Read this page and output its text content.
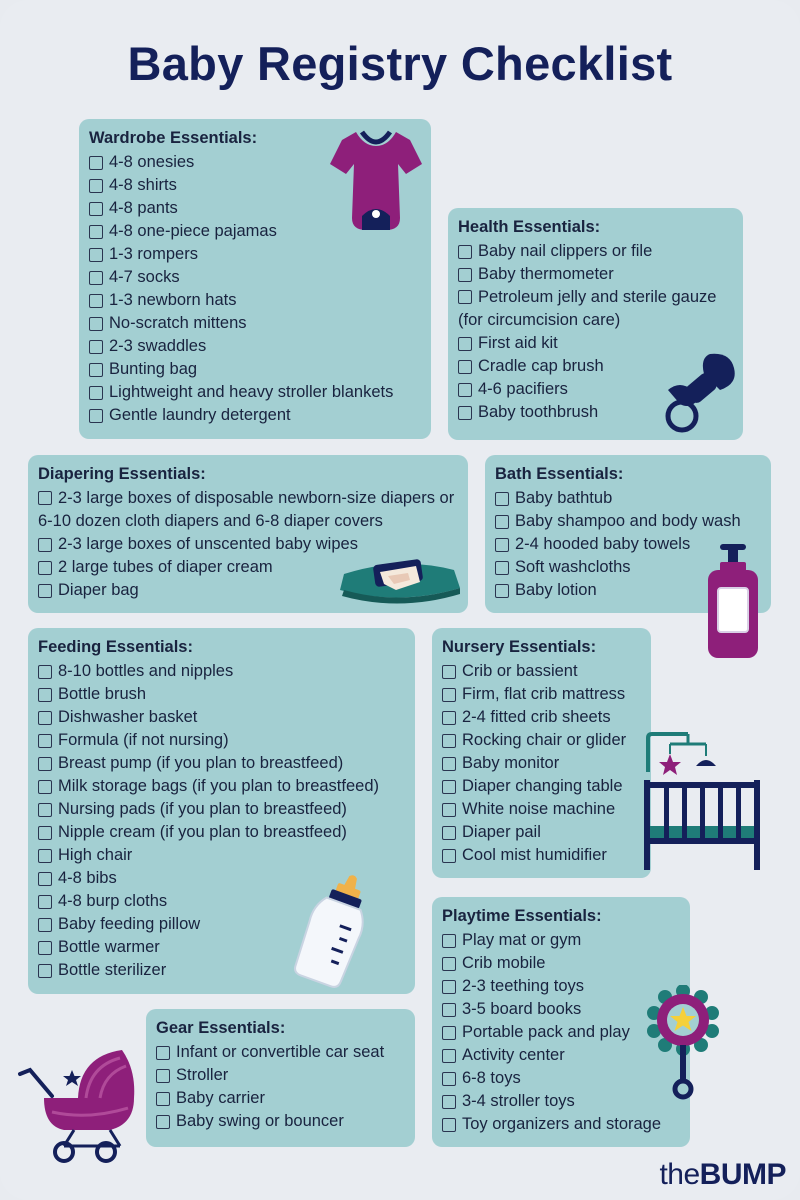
Baby Registry Checklist
Wardrobe Essentials:
4-8 onesies
4-8 shirts
4-8 pants
4-8 one-piece pajamas
1-3 rompers
4-7 socks
1-3 newborn hats
No-scratch mittens
2-3 swaddles
Bunting bag
Lightweight and heavy stroller blankets
Gentle laundry detergent
Health Essentials:
Baby nail clippers or file
Baby thermometer
Petroleum jelly and sterile gauze (for circumcision care)
First aid kit
Cradle cap brush
4-6 pacifiers
Baby toothbrush
Diapering Essentials:
2-3 large boxes of disposable newborn-size diapers or 6-10 dozen cloth diapers and 6-8 diaper covers
2-3 large boxes of unscented baby wipes
2 large tubes of diaper cream
Diaper bag
Bath Essentials:
Baby bathtub
Baby shampoo and body wash
2-4 hooded baby towels
Soft washcloths
Baby lotion
Feeding Essentials:
8-10 bottles and nipples
Bottle brush
Dishwasher basket
Formula (if not nursing)
Breast pump (if you plan to breastfeed)
Milk storage bags (if you plan to breastfeed)
Nursing pads (if you plan to breastfeed)
Nipple cream (if you plan to breastfeed)
High chair
4-8 bibs
4-8 burp cloths
Baby feeding pillow
Bottle warmer
Bottle sterilizer
Nursery Essentials:
Crib or bassient
Firm, flat crib mattress
2-4 fitted crib sheets
Rocking chair or glider
Baby monitor
Diaper changing table
White noise machine
Diaper pail
Cool mist humidifier
Playtime Essentials:
Play mat or gym
Crib mobile
2-3 teething toys
3-5 board books
Portable pack and play
Activity center
6-8 toys
3-4 stroller toys
Toy organizers and storage
Gear Essentials:
Infant or convertible car seat
Stroller
Baby carrier
Baby swing or bouncer
theBUMP
